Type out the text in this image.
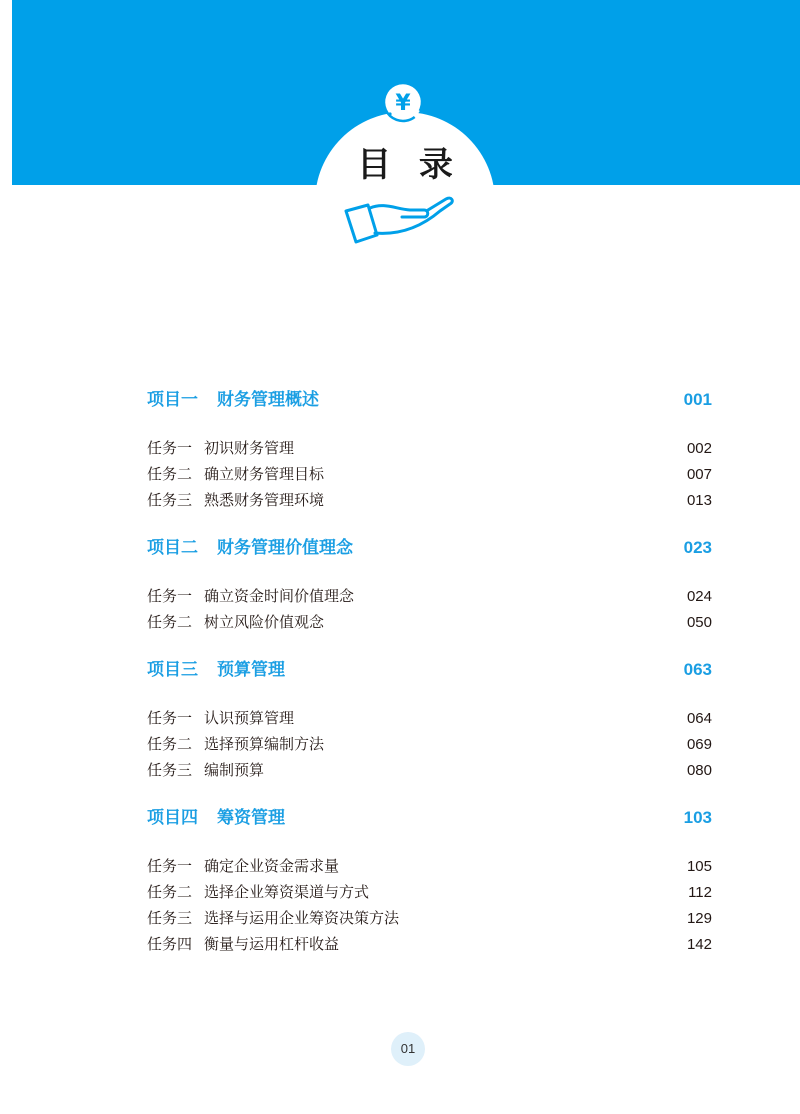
¥
目 录
项目一	财务管理概述	001
任务一 初识财务管理	002
任务二 确立财务管理目标	007
任务三 熟悉财务管理环境	013
项目二	财务管理价值理念	023
任务一 确立资金时间价值理念	024
任务二 树立风险价值观念	050
项目三	预算管理	063
任务一 认识预算管理	064
任务二 选择预算编制方法	069
任务三 编制预算	080
项目四	筹资管理	103
任务一 确定企业资金需求量	105
任务二 选择企业筹资渠道与方式	112
任务三 选择与运用企业筹资决策方法	129
任务四 衡量与运用杠杆收益	142
01
